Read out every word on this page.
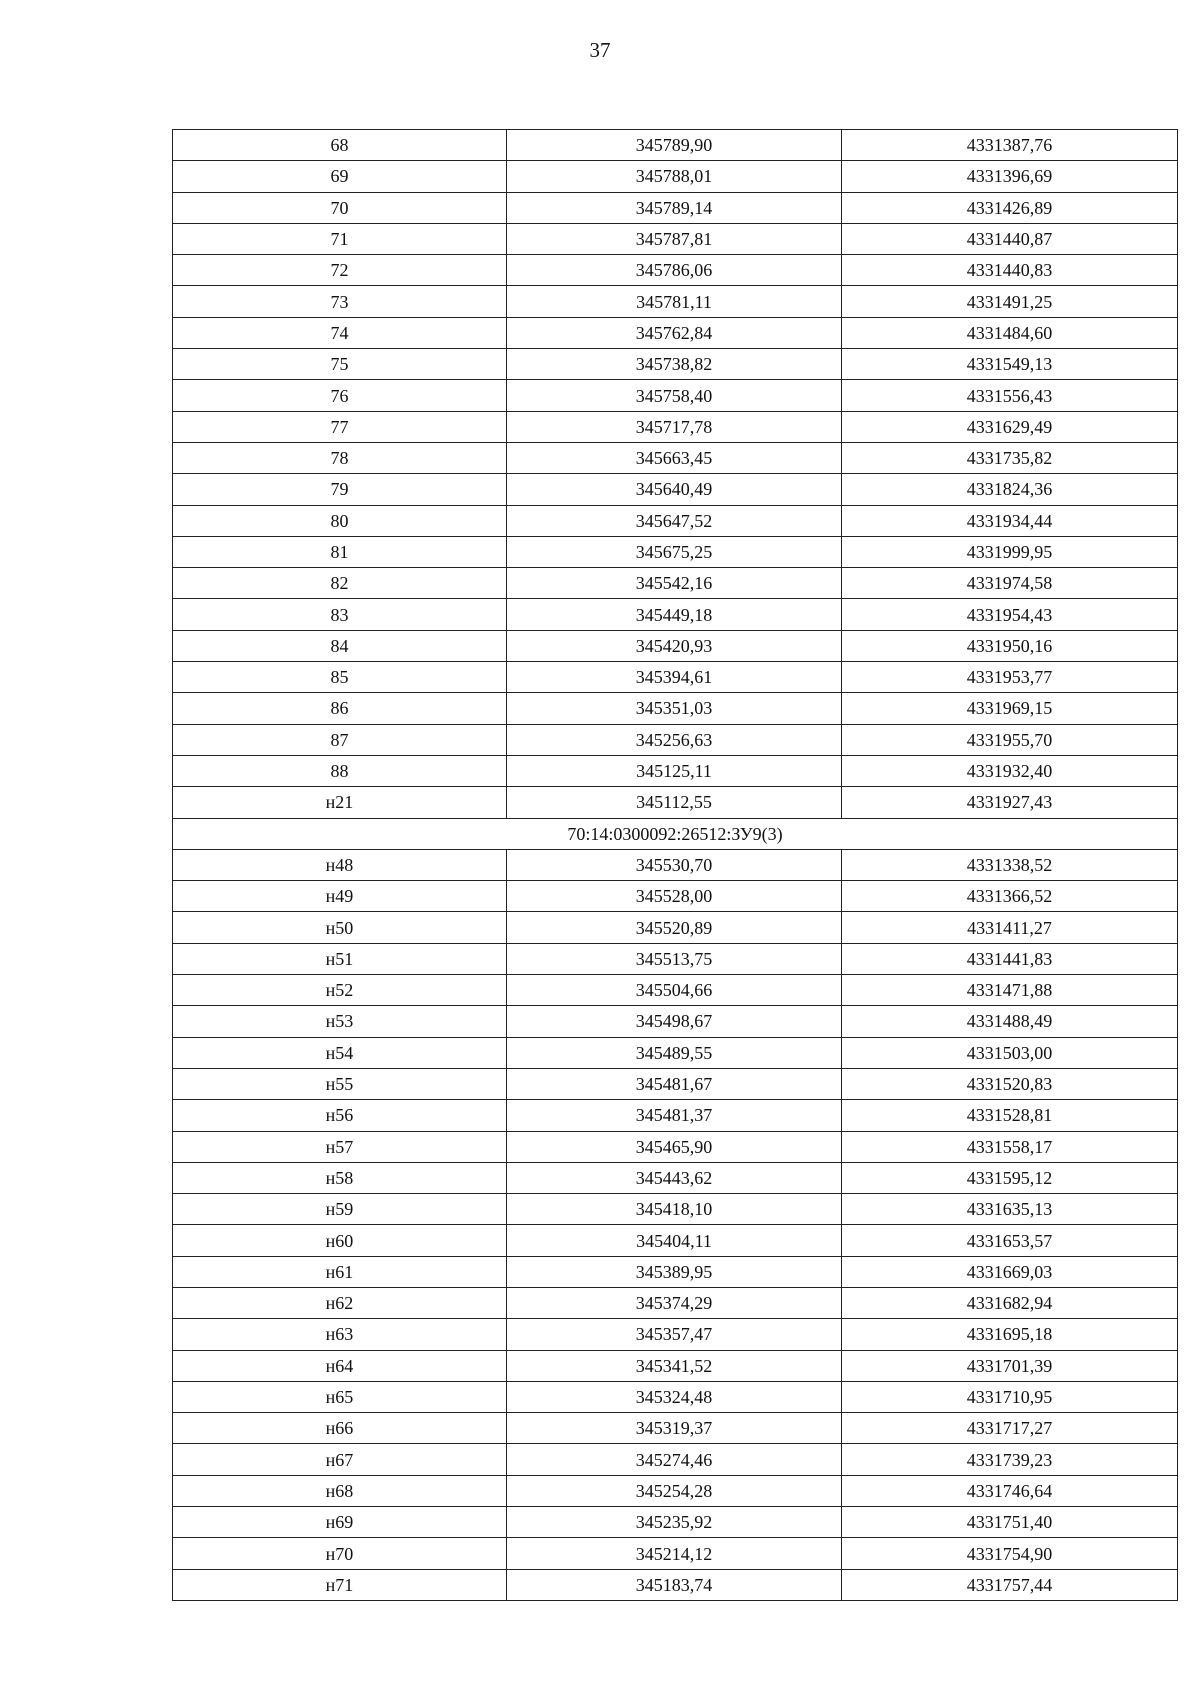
37
68	345789,90	4331387,76
69	345788,01	4331396,69
70	345789,14	4331426,89
71	345787,81	4331440,87
72	345786,06	4331440,83
73	345781,11	4331491,25
74	345762,84	4331484,60
75	345738,82	4331549,13
76	345758,40	4331556,43
77	345717,78	4331629,49
78	345663,45	4331735,82
79	345640,49	4331824,36
80	345647,52	4331934,44
81	345675,25	4331999,95
82	345542,16	4331974,58
83	345449,18	4331954,43
84	345420,93	4331950,16
85	345394,61	4331953,77
86	345351,03	4331969,15
87	345256,63	4331955,70
88	345125,11	4331932,40
н21	345112,55	4331927,43
70:14:0300092:26512:ЗУ9(3)		
н48	345530,70	4331338,52
н49	345528,00	4331366,52
н50	345520,89	4331411,27
н51	345513,75	4331441,83
н52	345504,66	4331471,88
н53	345498,67	4331488,49
н54	345489,55	4331503,00
н55	345481,67	4331520,83
н56	345481,37	4331528,81
н57	345465,90	4331558,17
н58	345443,62	4331595,12
н59	345418,10	4331635,13
н60	345404,11	4331653,57
н61	345389,95	4331669,03
н62	345374,29	4331682,94
н63	345357,47	4331695,18
н64	345341,52	4331701,39
н65	345324,48	4331710,95
н66	345319,37	4331717,27
н67	345274,46	4331739,23
н68	345254,28	4331746,64
н69	345235,92	4331751,40
н70	345214,12	4331754,90
н71	345183,74	4331757,44
